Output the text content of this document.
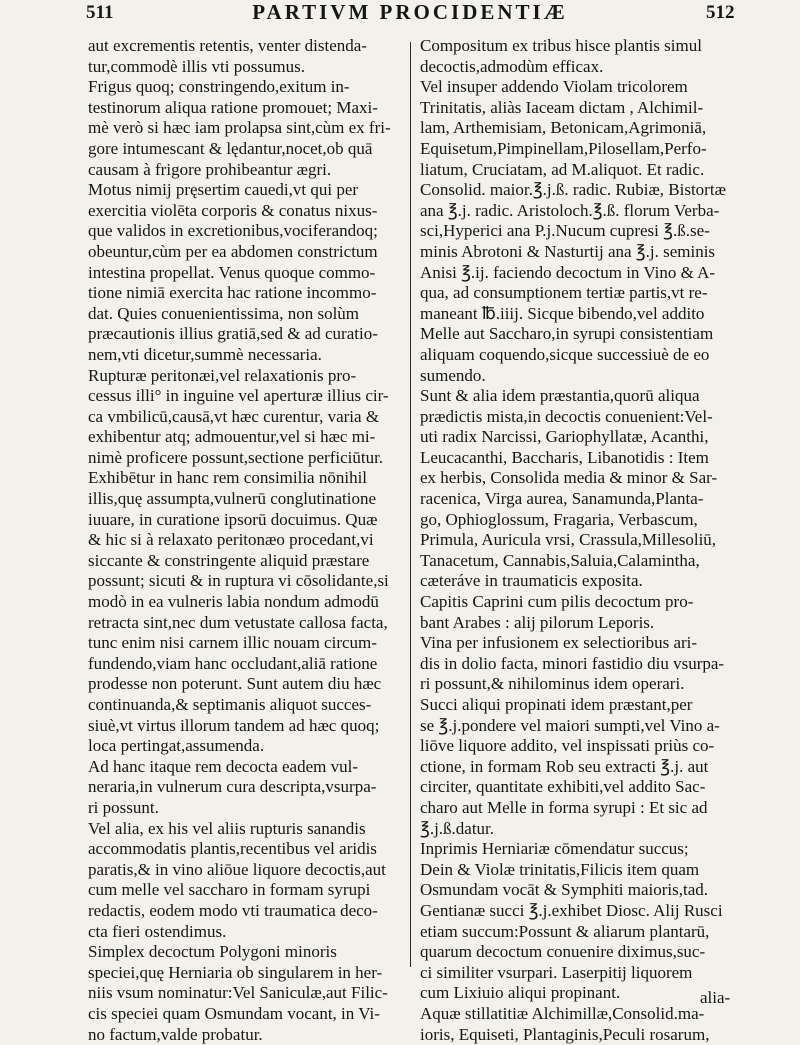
511	PARTIVM PROCIDENTIÆ	512
aut excrementis retentis, venter distenda-
tur,commodè illis vti possumus.
Frigus quoq; constringendo,exitum in-
testinorum aliqua ratione promouet; Maxi-
mè verò si hæc iam prolapsa sint,cùm ex fri-
gore intumescant & lędantur,nocet,ob quā
causam à frigore prohibeantur ægri.
Motus nimij pręsertim cauedi,vt qui per
exercitia violēta corporis & conatus nixus-
que validos in excretionibus,vociferandoq;
obeuntur,cùm per ea abdomen constrictum
intestina propellat. Venus quoque commo-
tione nimiā exercita hac ratione incommo-
dat. Quies conuenientissima, non solùm
præcautionis illius gratiā,sed & ad curatio-
nem,vti dicetur,summè necessaria.
Rupturæ peritonæi,vel relaxationis pro-
cessus illi° in inguine vel aperturæ illius cir-
ca vmbilicū,causā,vt hæc curentur, varia &
exhibentur atq; admouentur,vel si hæc mi-
nimè proficere possunt,sectione perficiūtur.
Exhibētur in hanc rem consimilia nōnihil
illis,quę assumpta,vulnerū conglutinatione
iuuare, in curatione ipsorū docuimus. Quæ
& hic si à relaxato peritonæo procedant,vi
siccante & constringente aliquid præstare
possunt; sicuti & in ruptura vi cōsolidante,si
modò in ea vulneris labia nondum admodū
retracta sint,nec dum vetustate callosa facta,
tunc enim nisi carnem illic nouam circum-
fundendo,viam hanc occludant,aliā ratione
prodesse non poterunt. Sunt autem diu hæc
continuanda,& septimanis aliquot succes-
siuè,vt virtus illorum tandem ad hæc quoq;
loca pertingat,assumenda.
Ad hanc itaque rem decocta eadem vul-
neraria,in vulnerum cura descripta,vsurpa-
ri possunt.
Vel alia, ex his vel aliis rupturis sanandis
accommodatis plantis,recentibus vel aridis
paratis,& in vino aliōue liquore decoctis,aut
cum melle vel saccharo in formam syrupi
redactis, eodem modo vti traumatica deco-
cta fieri ostendimus.
Simplex decoctum Polygoni minoris
speciei,quę Herniaria ob singularem in her-
niis vsum nominatur:Vel Saniculæ,aut Filic-
cis speciei quam Osmundam vocant, in Vi-
no factum,valde probatur.
Compositum ex tribus hisce plantis simul
decoctis,admodùm efficax.
Vel insuper addendo Violam tricolorem
Trinitatis, aliàs Iaceam dictam , Alchimil-
lam, Arthemisiam, Betonicam,Agrimoniā,
Equisetum,Pimpinellam,Pilosellam,Perfo-
liatum, Cruciatam, ad M.aliquot. Et radic.
Consolid. maior.℥.j.ß. radic. Rubiæ, Bistortæ
ana ℥.j. radic. Aristoloch.℥.ß. florum Verba-
sci,Hyperici ana P.j.Nucum cupresi ℥.ß.se-
minis Abrotoni & Nasturtij ana ℥.j. seminis
Anisi ℥.ij. faciendo decoctum in Vino & A-
qua, ad consumptionem tertiæ partis,vt re-
maneant ℔.iiij. Sicque bibendo,vel addito
Melle aut Saccharo,in syrupi consistentiam
aliquam coquendo,sicque successiuè de eo
sumendo.
Sunt & alia idem præstantia,quorū aliqua
prædictis mista,in decoctis conuenient:Vel-
uti radix Narcissi, Gariophyllatæ, Acanthi,
Leucacanthi, Baccharis, Libanotidis : Item
ex herbis, Consolida media & minor & Sar-
racenica, Virga aurea, Sanamunda,Planta-
go, Ophioglossum, Fragaria, Verbascum,
Primula, Auricula vrsi, Crassula,Millesoliū,
Tanacetum, Cannabis,Saluia,Calamintha,
cæteráve in traumaticis exposita.
Capitis Caprini cum pilis decoctum pro-
bant Arabes : alij pilorum Leporis.
Vina per infusionem ex selectioribus ari-
dis in dolio facta, minori fastidio diu vsurpa-
ri possunt,& nihilominus idem operari.
Succi aliqui propinati idem præstant,per
se ℥.j.pondere vel maiori sumpti,vel Vino a-
liōve liquore addito, vel inspissati priùs co-
ctione, in formam Rob seu extracti ℥.j. aut
circiter, quantitate exhibiti,vel addito Sac-
charo aut Melle in forma syrupi : Et sic ad
℥.j.ß.datur.
Inprimis Herniariæ cōmendatur succus;
Dein & Violæ trinitatis,Filicis item quam
Osmundam vocāt & Symphiti maioris,tad.
Gentianæ succi ℥.j.exhibet Diosc. Alij Rusci
etiam succum:Possunt & aliarum plantarū,
quarum decoctum conuenire diximus,suc-
ci similiter vsurpari. Laserpitij liquorem
cum Lixiuio aliqui propinant.
Aquæ stillatitiæ Alchimillæ,Consolid.ma-
ioris, Equiseti, Plantaginis,Peculi rosarum,
alia-
